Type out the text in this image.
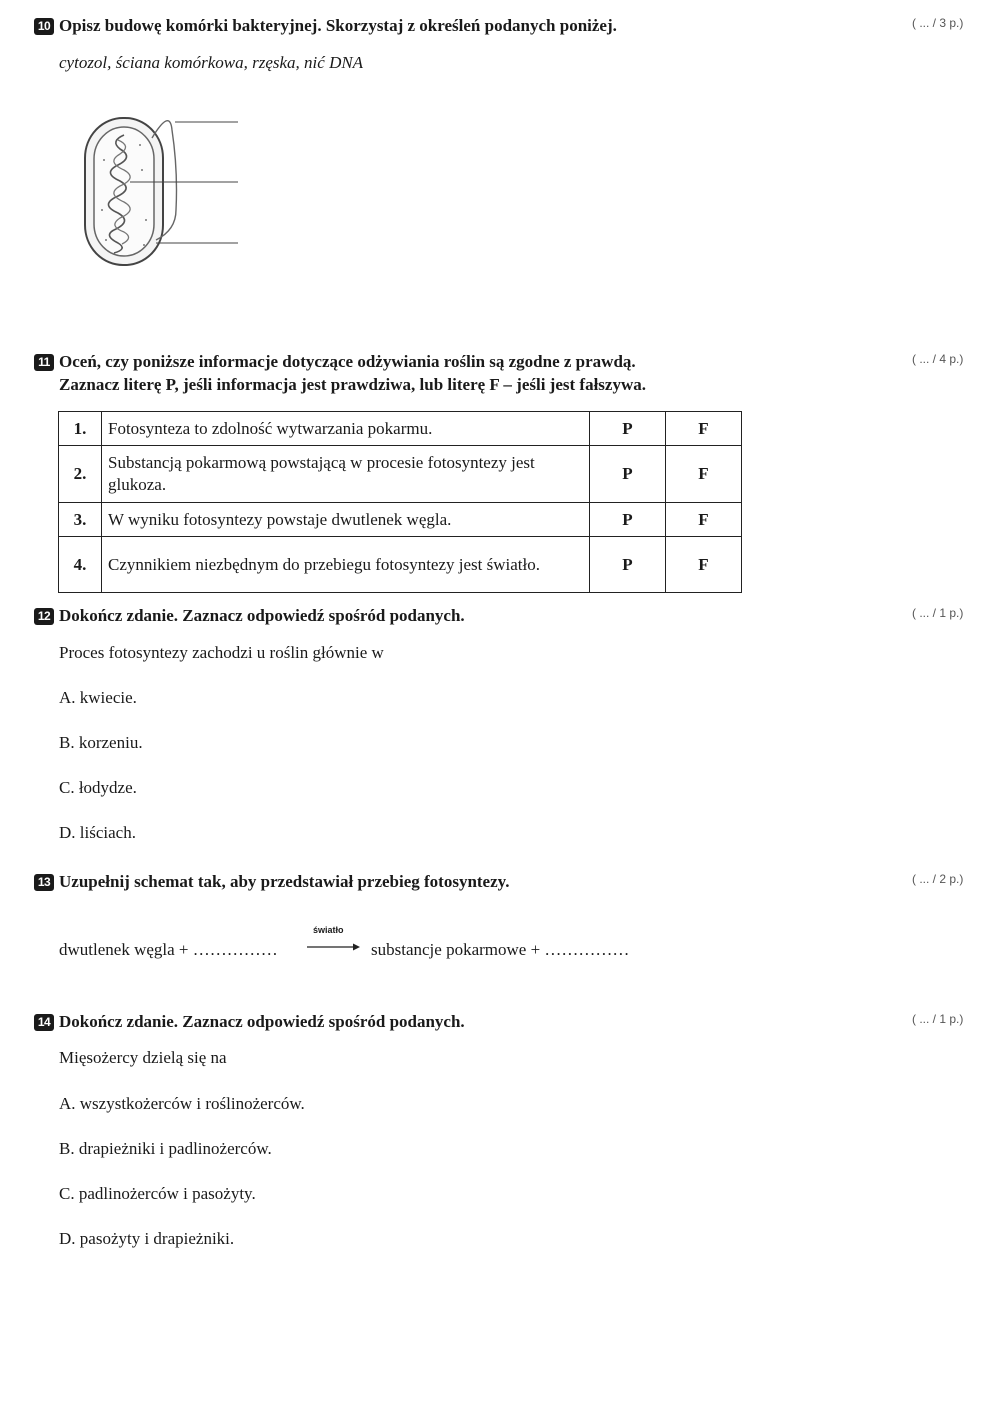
10 Opisz budowę komórki bakteryjnej. Skorzystaj z określeń podanych poniżej.	( ... / 3 p.)
cytozol, ściana komórkowa, rzęska, nić DNA
11 Oceń, czy poniższe informacje dotyczące odżywiania roślin są zgodne z prawdą.
Zaznacz literę P, jeśli informacja jest prawdziwa, lub literę F – jeśli jest fałszywa.
( ... / 4 p.)
1.	Fotosynteza to zdolność wytwarzania pokarmu.	P	F
2.	Substancją pokarmową powstającą w procesie fotosyntezy jest glukoza.	P	F
3.	W wyniku fotosyntezy powstaje dwutlenek węgla.	P	F
4.	Czynnikiem niezbędnym do przebiegu fotosyntezy jest światło.	P	F
12 Dokończ zdanie. Zaznacz odpowiedź spośród podanych.	( ... / 1 p.)
Proces fotosyntezy zachodzi u roślin głównie w
A. kwiecie.
B. korzeniu.
C. łodydze.
D. liściach.
13 Uzupełnij schemat tak, aby przedstawiał przebieg fotosyntezy.	( ... / 2 p.)
dwutlenek węgla + ……………
światło
→ substancje pokarmowe + ……………
14 Dokończ zdanie. Zaznacz odpowiedź spośród podanych.	( ... / 1 p.)
Mięsożercy dzielą się na
A. wszystkożerców i roślinożerców.
B. drapieżniki i padlinożerców.
C. padlinożerców i pasożyty.
D. pasożyty i drapieżniki.
